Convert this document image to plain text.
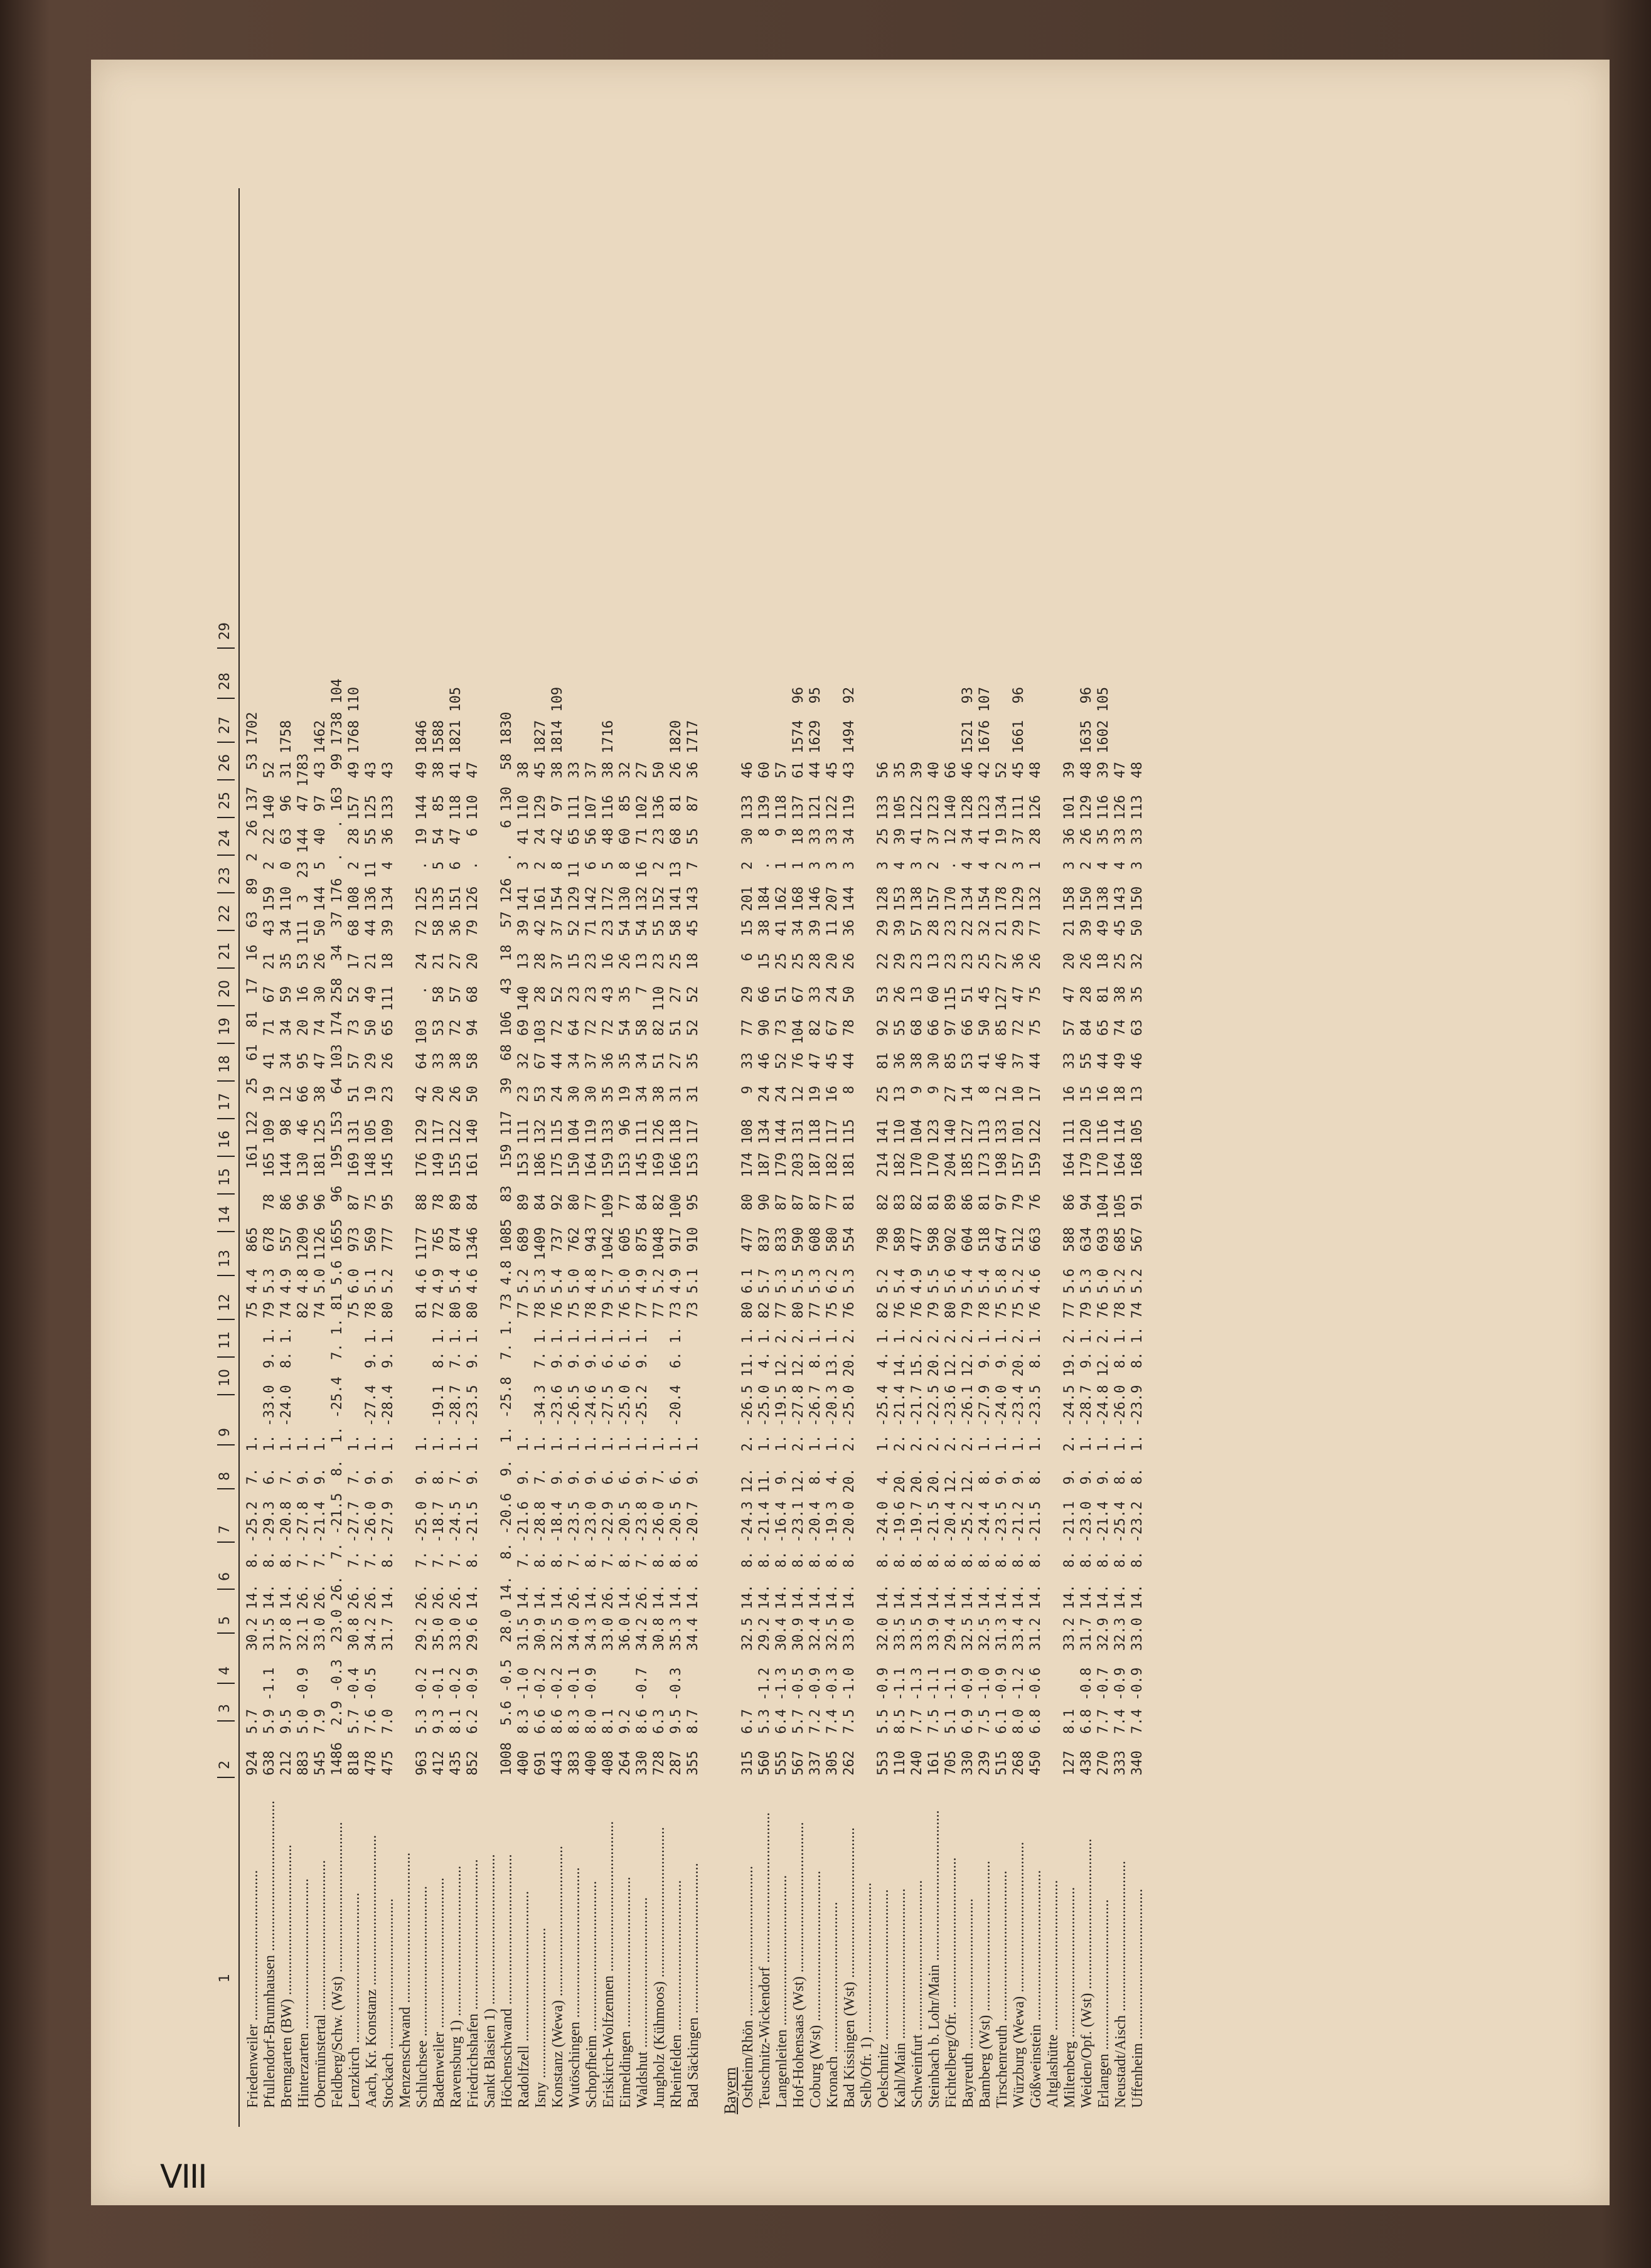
1
2
3
4
5
6
7
8
9
10
11
12
13
14
15
16
17
18
19
20
21
22
23
24
25
26
27
28
29
Friedenweiler ........................................
924  5.7       30.2 14.  8. -25.2  7.  1.              75 4.4  865       161 122  25  61  81  17  16  63  89  2  26 137  53 1702
Pfullendorf-Brunnhausen ........................................
638  5.9 -1.1  31.5 14.  8. -29.3  6.  1. -33.0  9. 1. 79 5.3  678  78  165 109  19  41  71  67  21  43 159  2  22 140  52
Bremgarten (BW) ........................................
212  9.5       37.8 14.  8. -20.8  7.  1. -24.0  8. 1. 74 4.9  557  86  144  98  12  34  34  59  35  34 110  0  63  96  31 1758
Hinterzarten ........................................
883  5.0 -0.9  32.1 26.  7. -27.8  9.  1.              82 4.8 1209  96  130  46  66  95  20  16  53 111  3  23 144  47 1783
Obermünstertal ........................................
545  7.9       33.0 26.  7. -21.4  9.  1.              74 5.0 1126  96  181 125  38  47  74  30  26  50 144  5  40  97  43 1462
Feldberg/Schw. (Wst) ........................................
1486  2.9 -0.3  23.0 26.  7. -21.5  8.  1. -25.4  7. 1. 81 5.6 1655  96  195 153  64 103 174 258  34  37 176  .   . 163  99 1738 104
Lenzkirch ........................................
818  5.7 -0.4  30.8 26.  7. -27.7  7.  1.              75 6.0  973  87  169 131  51  57  73  52  17  68 108  2  28 157  49 1768 110
Aach, Kr. Konstanz ........................................
478  7.6 -0.5  34.2 26.  7. -26.0  9.  1. -27.4  9. 1. 78 5.1  569  75  148 105  19  29  50  49  21  44 136 11  55 125  43
Stockach ........................................
475  7.0       31.7 14.  8. -27.9  9.  1. -28.4  9. 1. 80 5.2  777  95  145 109  23  26  65 111  18  39 134  4  36 133  43
Menzenschwand ........................................ Schluchsee ........................................
963  5.3 -0.2  29.2 26.  7. -25.0  9.  1.              81 4.6 1177  88  176 129  42  64 103   .  24  72 125  .  19 144  49 1846
Badenweiler ........................................
412  9.3 -0.1  35.0 26.  7. -18.7  8.  1. -19.1  8. 1. 72 4.9  765  78  149 117  20  33  53  58  21  58 135  5  54  85  38 1588
Ravensburg 1) ........................................
435  8.1 -0.2  33.0 26.  7. -24.5  7.  1. -28.7  7. 1. 80 5.4  874  89  155 122  26  38  72  57  27  36 151  6  47 118  41 1821 105
Friedrichshafen ........................................
852  6.2 -0.9  29.6 14.  8. -21.5  9.  1. -23.5  9. 1. 80 4.6 1346  84  161 140  50  58  94  68  20  79 126  .   6 110  47
Sankt Blasien 1) ........................................ Höchenschwand ........................................
1008  5.6 -0.5  28.0 14.  8. -20.6  9.  1. -25.8  7. 1. 73 4.8 1085  83  159 117  39  68 106  43  18  57 126  .   6 130  58 1830
Radolfzell ........................................
400  8.3 -1.0  31.5 14.  7. -21.6  9.  1.              77 5.2  689  89  153 111  23  32  69 140  13  39 141  3  41 110  38
Isny ........................................
691  6.6 -0.2  30.9 14.  8. -28.8  7.  1. -34.3  7. 1. 78 5.3 1409  84  186 132  53  67 103  28  28  42 161  2  24 129  45 1827
Konstanz (Wewa) ........................................
443  8.6 -0.2  32.5 14.  8. -18.4  9.  1. -23.6  9. 1. 76 5.4  737  92  175 115  24  44  72  52  37  37 154  8  42  97  38 1814 109
Wutöschingen ........................................
383  8.3 -0.1  34.0 26.  7. -23.5  9.  1. -26.5  9. 1. 75 5.0  762  80  150 104  30  34  64  23  15  52 129 11  65 111  33
Schopfheim ........................................
400  8.0 -0.9  34.3 14.  8. -23.0  9.  1. -24.6  9. 1. 78 4.8  943  77  164 119  30  37  72  23  23  71 142  6  56 107  37
Eriskirch-Wolfzennen ........................................
408  8.1       33.0 26.  7. -22.9  6.  1. -27.5  6. 1. 79 5.7 1042 109  159 133  35  36  72  43  16  23 172  5  48 116  38 1716
Eimeldingen ........................................
264  9.2       36.0 14.  8. -20.5  6.  1. -25.0  6. 1. 76 5.0  605  77  153  96  19  35  54  35  26  54 130  8  60  85  32
Waldshut ........................................
330  8.6 -0.7  34.2 26.  7. -23.8  9.  1. -25.2  9. 1. 77 4.9  875  84  145 111  34  34  58   7  13  54 132 16  71 102  27
Jungholz (Kühmoos) ........................................
728  6.3       30.8 14.  8. -26.0  7.  1.              77 5.2 1048  82  169 126  38  51  82 110  23  55 152  2  23 136  50
Rheinfelden ........................................
287  9.5 -0.3  35.3 14.  8. -20.5  6.  1. -20.4  6. 1. 73 4.9  917 100  166 118  31  27  51  27  25  58 141 13  68  81  26 1820
Bad Säckingen ........................................
355  8.7       34.4 14.  8. -20.7  9.  1.              73 5.1  910  95  153 117  31  35  52  52  18  45 143  7  55  87  36 1717
Bayern Ostheim/Rhön ........................................
315  6.7       32.5 14.  8. -24.3 12.  2. -26.5 11. 1. 80 6.1  477  80  174 108   9  33  77  29   6  15 201  2  30 133  46
Teuschnitz-Wickendorf ........................................
560  5.3 -1.2  29.2 14.  8. -21.4 11.  1. -25.0  4. 1. 82 5.7  837  90  187 134  24  46  90  66  15  38 184  .   8 139  60
Langenleiten ........................................
555  6.4 -1.3  30.4 14.  8. -16.4  9.  1. -19.5 12. 2. 77 5.3  833  87  179 144  24  52  73  51  25  41 162  1   9 118  57
Hof-Hohensaas (Wst) ........................................
567  5.7 -0.5  30.9 14.  8. -23.1 12.  2. -27.8 12. 2. 80 5.5  590  87  203 131  12  76 104  67  25  34 168  1  18 137  61 1574  96
Coburg (Wst) ........................................
337  7.2 -0.9  32.4 14.  8. -20.4  8.  1. -26.7  8. 1. 77 5.3  608  87  187 118  19  47  82  33  28  39 146  3  33 121  44 1629  95
Kronach ........................................
305  7.4 -0.3  32.5 14.  8. -19.3  4.  1. -20.3 13. 1. 75 6.2  580  77  182 117  16  45  67  24  20  11 207  3  33 122  45
Bad Kissingen (Wst) ........................................
262  7.5 -1.0  33.0 14.  8. -20.0 20.  2. -25.0 20. 2. 76 5.3  554  81  181 115   8  44  78  50  26  36 144  3  34 119  43 1494  92
Selb/Ofr. 1) ........................................ Oelschnitz ........................................
553  5.5 -0.9  32.0 14.  8. -24.0  4.  1. -25.4  4. 1. 82 5.2  798  82  214 141  25  81  92  53  22  29 128  3  25 133  56
Kahl/Main ........................................
110  8.5 -1.1  33.5 14.  8. -19.6 20.  2. -21.4 14. 1. 76 5.4  589  83  182 110  13  36  55  26  29  39 153  4  39 105  35
Schweinfurt ........................................
240  7.7 -1.3  33.5 14.  8. -19.7 20.  2. -21.7 15. 2. 76 4.9  477  82  170 104   9  38  68  13  23  57 138  3  41 122  39
Steinbach b. Lohr/Main ........................................
161  7.5 -1.1  33.9 14.  8. -21.5 20.  2. -22.5 20. 2. 79 5.5  598  81  170 123   9  30  66  60  13  28 157  2  37 123  40
Fichtelberg/Ofr. ........................................
705  5.1 -1.1  29.4 14.  8. -20.4 12.  2. -23.6 12. 2. 80 5.6  902  89  204 140  27  85  97 115  23  23 170  .  12 140  66
Bayreuth ........................................
330  6.9 -0.9  32.5 14.  8. -25.2 12.  2. -26.1 12. 2. 79 5.4  604  86  185 127  14  53  66  51  23  22 134  4  34 128  46 1521  93
Bamberg (Wst) ........................................
239  7.5 -1.0  32.5 14.  8. -24.4  8.  1. -27.9  9. 1. 78 5.4  518  81  173 113   8  41  50  45  25  32 154  4  41 123  42 1676 107
Tirschenreuth ........................................
515  6.1 -0.9  31.3 14.  8. -23.5  9.  1. -24.0  9. 1. 75 5.8  647  97  198 133  12  46  85 127  27  21 178  2  19 134  52
Würzburg (Wewa) ........................................
268  8.0 -1.2  33.4 14.  8. -21.2  9.  1. -23.4 20. 2. 75 5.2  512  79  157 101  10  37  72  47  36  29 129  3  37 111  45 1661  96
Gößweinstein ........................................
450  6.8 -0.6  31.2 14.  8. -21.5  8.  1. -23.5  8. 1. 76 4.6  663  76  159 122  17  44  75  75  26  77 132  1  28 126  48
Altglashütte ........................................ Miltenberg ........................................
127  8.1       33.2 14.  8. -21.1  9.  2. -24.5 19. 2. 77 5.6  588  86  164 111  16  33  57  47  20  21 158  3  36 101  39
Weiden/Opf. (Wst) ........................................
438  6.8 -0.8  31.7 14.  8. -23.0  9.  1. -28.7  9. 1. 79 5.3  634  94  179 120  15  55  84  28  26  39 150  2  26 129  48 1635  96
Erlangen ........................................
270  7.7 -0.7  32.9 14.  8. -21.4  9.  1. -24.8 12. 2. 76 5.0  693 104  170 116  16  44  65  81  18  49 138  4  35 116  39 1602 105
Neustadt/Aisch ........................................
333  7.4 -0.9  32.3 14.  8. -25.4  8.  1. -26.0  8. 1. 78 5.2  685 105  164 114  18  49  74  38  25  45 143  4  33 126  47
Uffenheim ........................................
340  7.4 -0.9  33.0 14.  8. -23.2  8.  1. -23.9  8. 1. 74 5.2  567  91  168 105  13  46  63  35  32  50 150  3  33 113  48
VIII
